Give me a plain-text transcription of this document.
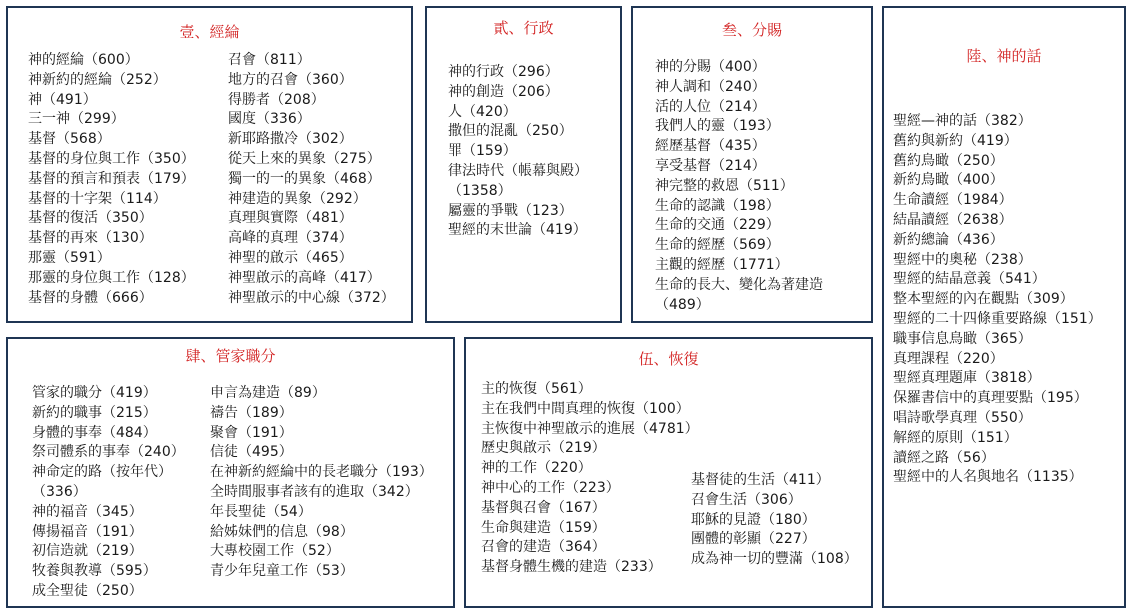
壹、經綸
神的經綸（600）
神新約的經綸（252）
神（491）
三一神（299）
基督（568）
基督的身位與工作（350）
基督的預言和預表（179）
基督的十字架（114）
基督的復活（350）
基督的再來（130）
那靈（591）
那靈的身位與工作（128）
基督的身體（666）
召會（811）
地方的召會（360）
得勝者（208）
國度（336）
新耶路撒冷（302）
從天上來的異象（275）
獨一的一的異象（468）
神建造的異象（292）
真理與實際（481）
高峰的真理（374）
神聖的啟示（465）
神聖啟示的高峰（417）
神聖啟示的中心線（372）
貳、行政
神的行政（296）
神的創造（206）
人（420）
撒但的混亂（250）
罪（159）
律法時代（帳幕與殿）（1358）
屬靈的爭戰（123）
聖經的末世論（419）
叁、分賜
神的分賜（400）
神人調和（240）
活的人位（214）
我們人的靈（193）
經歷基督（435）
享受基督（214）
神完整的救恩（511）
生命的認識（198）
生命的交通（229）
生命的經歷（569）
主觀的經歷（1771）
生命的長大、變化為著建造（489）
陸、神的話
聖經—神的話（382）
舊約與新約（419）
舊約鳥瞰（250）
新約鳥瞰（400）
生命讀經（1984）
結晶讀經（2638）
新約總論（436）
聖經中的奧秘（238）
聖經的結晶意義（541）
整本聖經的內在觀點（309）
聖經的二十四條重要路線（151）
職事信息鳥瞰（365）
真理課程（220）
聖經真理題庫（3818）
保羅書信中的真理要點（195）
唱詩歌學真理（550）
解經的原則（151）
讀經之路（56）
聖經中的人名與地名（1135）
肆、管家職分
管家的職分（419）
新約的職事（215）
身體的事奉（484）
祭司體系的事奉（240）
神命定的路（按年代）（336）
神的福音（345）
傳揚福音（191）
初信造就（219）
牧養與教導（595）
成全聖徒（250）
申言為建造（89）
禱告（189）
聚會（191）
信徒（495）
在神新約經綸中的長老職分（193）
全時間服事者該有的進取（342）
年長聖徒（54）
給姊妹們的信息（98）
大專校園工作（52）
青少年兒童工作（53）
伍、恢復
主的恢復（561）
主在我們中間真理的恢復（100）
主恢復中神聖啟示的進展（4781）
歷史與啟示（219）
神的工作（220）
神中心的工作（223）
基督與召會（167）
生命與建造（159）
召會的建造（364）
基督身體生機的建造（233）
基督徒的生活（411）
召會生活（306）
耶穌的見證（180）
團體的彰顯（227）
成為神一切的豐滿（108）
